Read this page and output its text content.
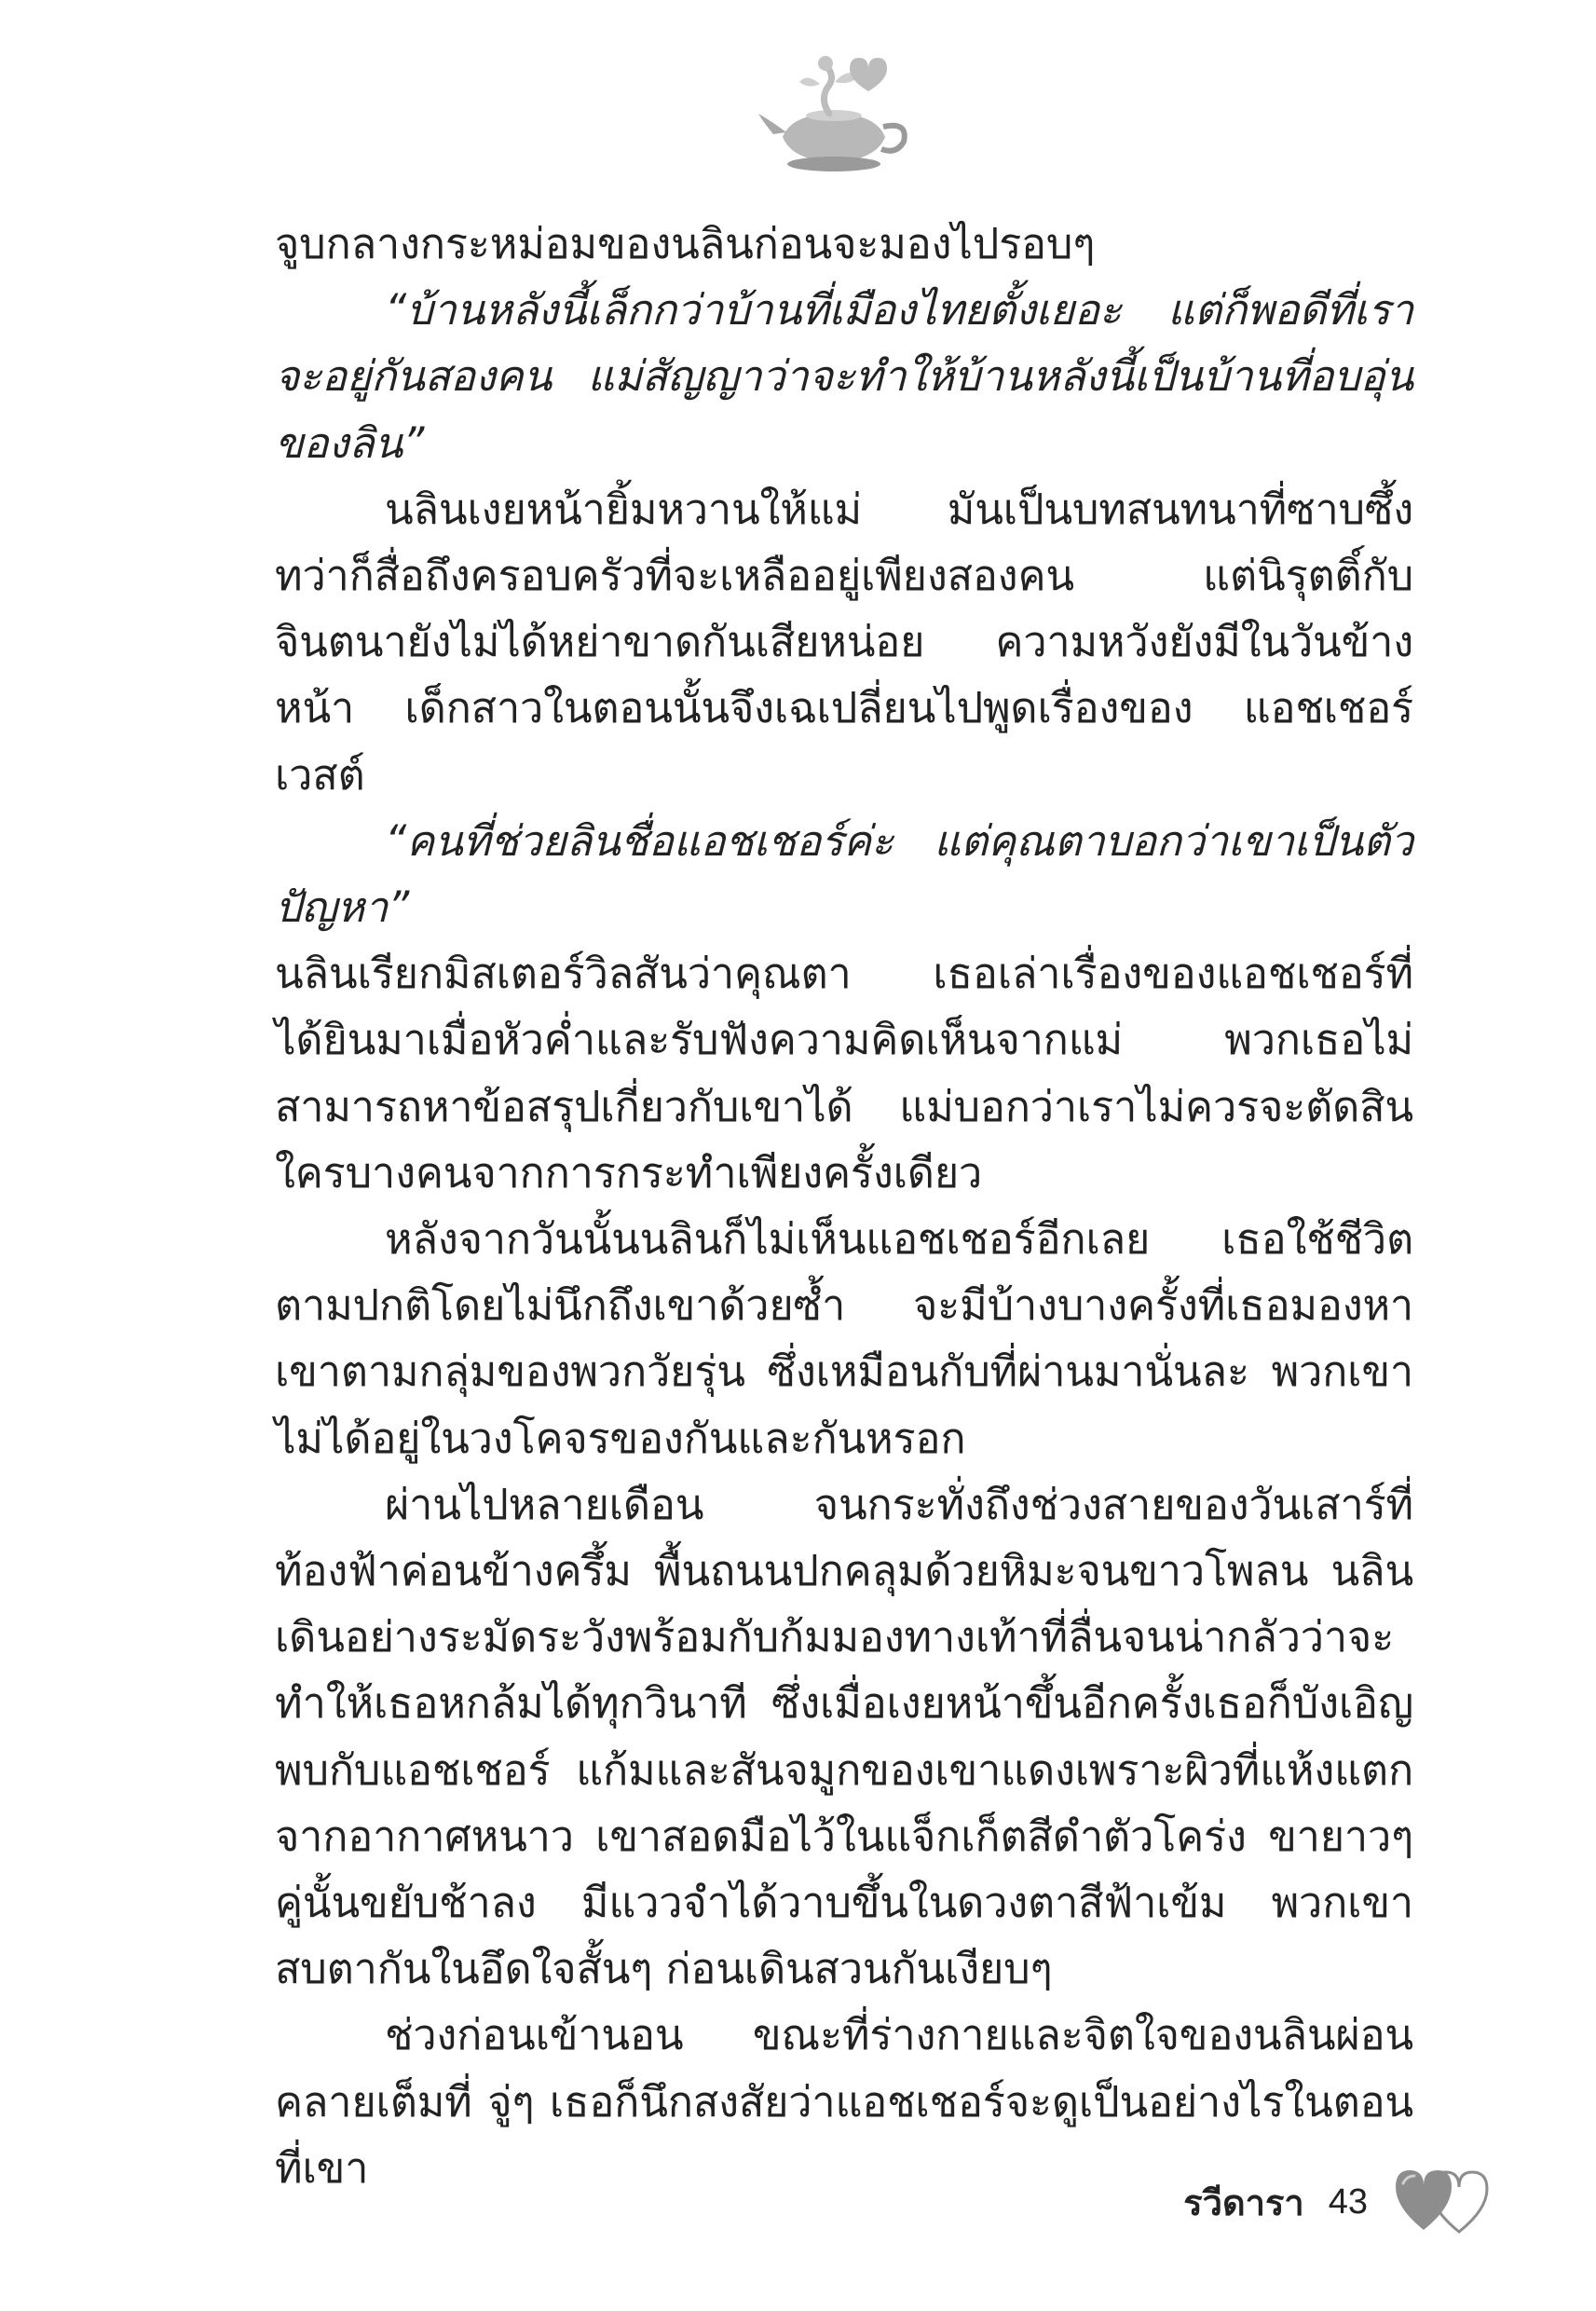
จูบกลางกระหม่อมของนลินก่อนจะมองไปรอบๆ

“บ้านหลังนี้เล็กกว่าบ้านที่เมืองไทยตั้งเยอะ แต่ก็พอดีที่เราจะอยู่กันสองคน แม่สัญญาว่าจะทำให้บ้านหลังนี้เป็นบ้านที่อบอุ่นของลิน”

นลินเงยหน้ายิ้มหวานให้แม่ มันเป็นบทสนทนาที่ซาบซึ้งทว่าก็สื่อถึงครอบครัวที่จะเหลืออยู่เพียงสองคน แต่นิรุตติ์กับจินตนายังไม่ได้หย่าขาดกันเสียหน่อย ความหวังยังมีในวันข้างหน้า เด็กสาวในตอนนั้นจึงเฉเปลี่ยนไปพูดเรื่องของ แอชเชอร์ เวสต์

“คนที่ช่วยลินชื่อแอชเชอร์ค่ะ แต่คุณตาบอกว่าเขาเป็นตัวปัญหา”

นลินเรียกมิสเตอร์วิลสันว่าคุณตา เธอเล่าเรื่องของแอชเชอร์ที่ได้ยินมาเมื่อหัวค่ำและรับฟังความคิดเห็นจากแม่ พวกเธอไม่สามารถหาข้อสรุปเกี่ยวกับเขาได้ แม่บอกว่าเราไม่ควรจะตัดสินใครบางคนจากการกระทำเพียงครั้งเดียว

หลังจากวันนั้นนลินก็ไม่เห็นแอชเชอร์อีกเลย เธอใช้ชีวิตตามปกติโดยไม่นึกถึงเขาด้วยซ้ำ จะมีบ้างบางครั้งที่เธอมองหาเขาตามกลุ่มของพวกวัยรุ่น ซึ่งเหมือนกับที่ผ่านมานั่นละ พวกเขาไม่ได้อยู่ในวงโคจรของกันและกันหรอก

ผ่านไปหลายเดือน จนกระทั่งถึงช่วงสายของวันเสาร์ที่ท้องฟ้าค่อนข้างครึ้ม พื้นถนนปกคลุมด้วยหิมะจนขาวโพลน นลินเดินอย่างระมัดระวังพร้อมกับก้มมองทางเท้าที่ลื่นจนน่ากลัวว่าจะทำให้เธอหกล้มได้ทุกวินาที ซึ่งเมื่อเงยหน้าขึ้นอีกครั้งเธอก็บังเอิญพบกับแอชเชอร์ แก้มและสันจมูกของเขาแดงเพราะผิวที่แห้งแตกจากอากาศหนาว เขาสอดมือไว้ในแจ็กเก็ตสีดำตัวโคร่ง ขายาวๆ คู่นั้นขยับช้าลง มีแววจำได้วาบขึ้นในดวงตาสีฟ้าเข้ม พวกเขาสบตากันในอึดใจสั้นๆ ก่อนเดินสวนกันเงียบๆ

ช่วงก่อนเข้านอน ขณะที่ร่างกายและจิตใจของนลินผ่อนคลายเต็มที่ จู่ๆ เธอก็นึกสงสัยว่าแอชเชอร์จะดูเป็นอย่างไรในตอนที่เขา

รวีดารา 43
